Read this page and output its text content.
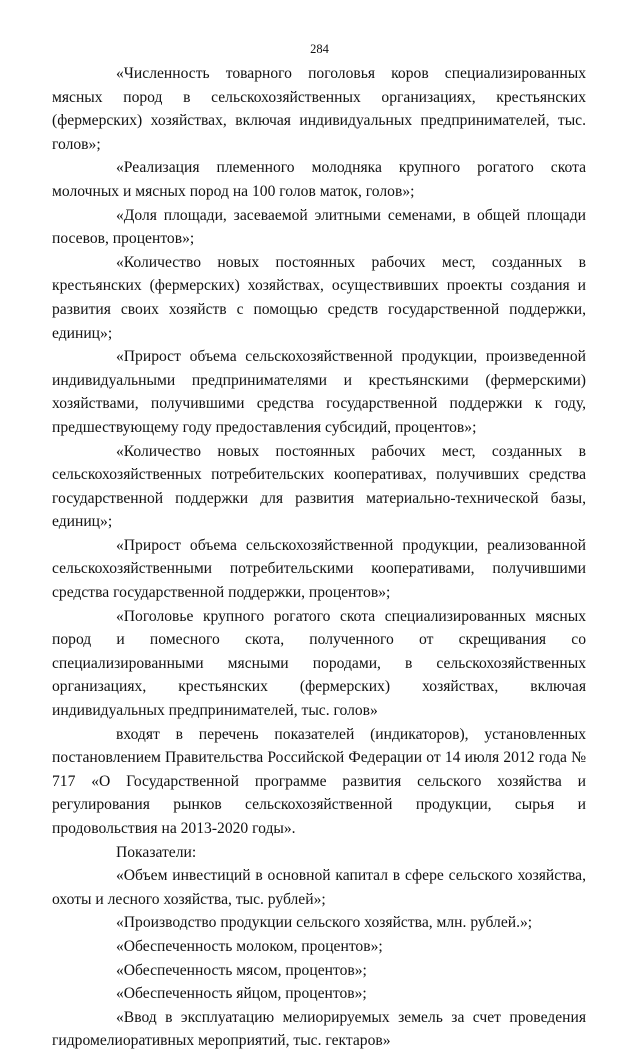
284

«Численность товарного поголовья коров специализированных мясных пород в сельскохозяйственных организациях, крестьянских (фермерских) хозяйствах, включая индивидуальных предпринимателей, тыс. голов»;

«Реализация племенного молодняка крупного рогатого скота молочных и мясных пород на 100 голов маток, голов»;

«Доля площади, засеваемой элитными семенами, в общей площади посевов, процентов»;

«Количество новых постоянных рабочих мест, созданных в крестьянских (фермерских) хозяйствах, осуществивших проекты создания и развития своих хозяйств с помощью средств государственной поддержки, единиц»;

«Прирост объема сельскохозяйственной продукции, произведенной индивидуальными предпринимателями и крестьянскими (фермерскими) хозяйствами, получившими средства государственной поддержки к году, предшествующему году предоставления субсидий, процентов»;

«Количество новых постоянных рабочих мест, созданных в сельскохозяйственных потребительских кооперативах, получивших средства государственной поддержки для развития материально-технической базы, единиц»;

«Прирост объема сельскохозяйственной продукции, реализованной сельскохозяйственными потребительскими кооперативами, получившими средства государственной поддержки, процентов»;

«Поголовье крупного рогатого скота специализированных мясных пород и помесного скота, полученного от скрещивания со специализированными мясными породами, в сельскохозяйственных организациях, крестьянских (фермерских) хозяйствах, включая индивидуальных предпринимателей, тыс. голов»

входят в перечень показателей (индикаторов), установленных постановлением Правительства Российской Федерации от 14 июля 2012 года № 717 «О Государственной программе развития сельского хозяйства и регулирования рынков сельскохозяйственной продукции, сырья и продовольствия на 2013-2020 годы».

Показатели:

«Объем инвестиций в основной капитал в сфере сельского хозяйства, охоты и лесного хозяйства, тыс. рублей»;

«Производство продукции сельского хозяйства, млн. рублей.»;

«Обеспеченность молоком, процентов»;

«Обеспеченность мясом, процентов»;

«Обеспеченность яйцом, процентов»;

«Ввод в эксплуатацию мелиорируемых земель за счет проведения гидромелиоративных мероприятий, тыс. гектаров»
